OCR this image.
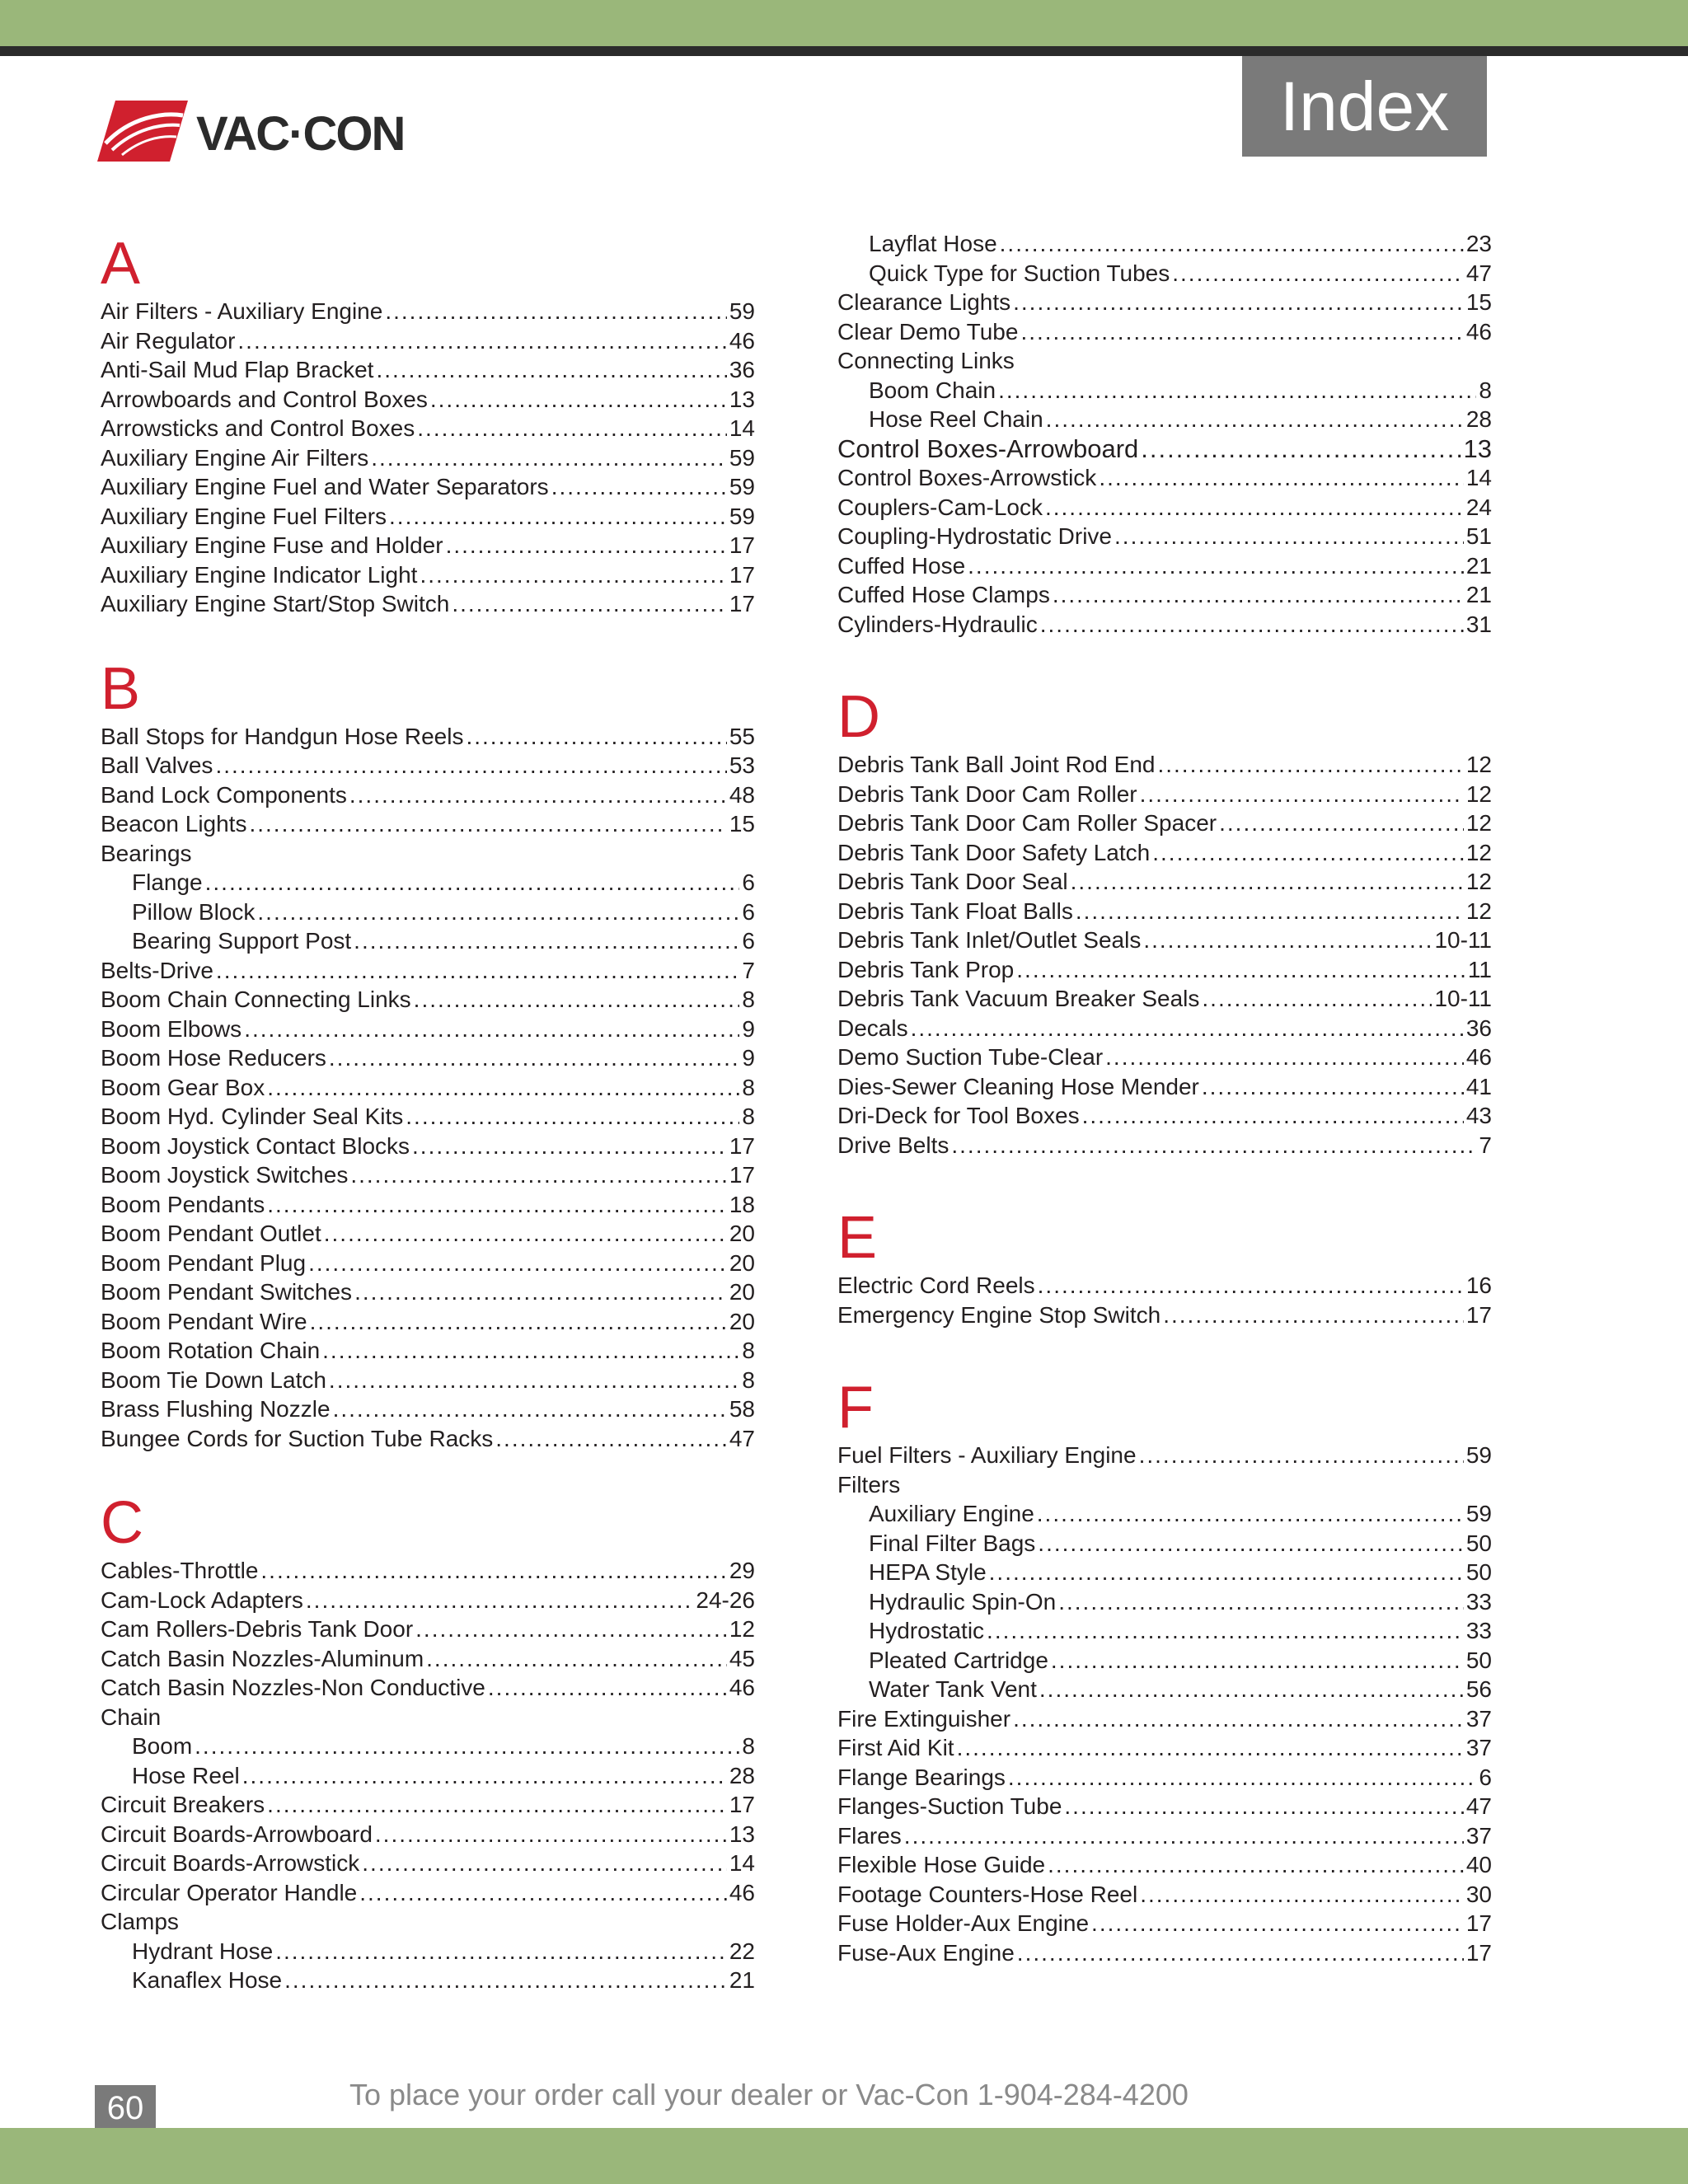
VAC·CON	Index
A
Air Filters - Auxiliary Engine .....	59
Air Regulator .....	46
Anti-Sail Mud Flap Bracket .....	36
Arrowboards and Control Boxes .....	13
Arrowsticks and Control Boxes .....	14
Auxiliary Engine Air Filters .....	59
Auxiliary Engine Fuel and Water Separators .....	59
Auxiliary Engine Fuel Filters .....	59
Auxiliary Engine Fuse and Holder .....	17
Auxiliary Engine Indicator Light .....	17
Auxiliary Engine Start/Stop Switch .....	17
B
Ball Stops for Handgun Hose Reels .....	55
Ball Valves .....	53
Band Lock Components .....	48
Beacon Lights .....	15
Bearings
Flange .....	6
Pillow Block .....	6
Bearing Support Post .....	6
Belts-Drive .....	7
Boom Chain Connecting Links .....	8
Boom Elbows .....	9
Boom Hose Reducers .....	9
Boom Gear Box .....	8
Boom Hyd. Cylinder Seal Kits .....	8
Boom Joystick Contact Blocks .....	17
Boom Joystick Switches .....	17
Boom Pendants .....	18
Boom Pendant Outlet .....	20
Boom Pendant Plug .....	20
Boom Pendant Switches .....	20
Boom Pendant Wire .....	20
Boom Rotation Chain .....	8
Boom Tie Down Latch .....	8
Brass Flushing Nozzle .....	58
Bungee Cords for Suction Tube Racks .....	47
C
Cables-Throttle .....	29
Cam-Lock Adapters .....	24-26
Cam Rollers-Debris Tank Door .....	12
Catch Basin Nozzles-Aluminum .....	45
Catch Basin Nozzles-Non Conductive .....	46
Chain
Boom .....	8
Hose Reel .....	28
Circuit Breakers .....	17
Circuit Boards-Arrowboard .....	13
Circuit Boards-Arrowstick .....	14
Circular Operator Handle .....	46
Clamps
Hydrant Hose .....	22
Kanaflex Hose .....	21
Layflat Hose .....	23
Quick Type for Suction Tubes .....	47
Clearance Lights .....	15
Clear Demo Tube .....	46
Connecting Links
Boom Chain .....	8
Hose Reel Chain .....	28
Control Boxes-Arrowboard .....	13
Control Boxes-Arrowstick .....	14
Couplers-Cam-Lock .....	24
Coupling-Hydrostatic Drive .....	51
Cuffed Hose .....	21
Cuffed Hose Clamps .....	21
Cylinders-Hydraulic .....	31
D
Debris Tank Ball Joint Rod End .....	12
Debris Tank Door Cam Roller .....	12
Debris Tank Door Cam Roller Spacer .....	12
Debris Tank Door Safety Latch .....	12
Debris Tank Door Seal .....	12
Debris Tank Float Balls .....	12
Debris Tank Inlet/Outlet Seals .....	10-11
Debris Tank Prop .....	11
Debris Tank Vacuum Breaker Seals .....	10-11
Decals .....	36
Demo Suction Tube-Clear .....	46
Dies-Sewer Cleaning Hose Mender .....	41
Dri-Deck for Tool Boxes .....	43
Drive Belts .....	7
E
Electric Cord Reels .....	16
Emergency Engine Stop Switch .....	17
F
Fuel Filters - Auxiliary Engine .....	59
Filters
Auxiliary Engine .....	59
Final Filter Bags .....	50
HEPA Style .....	50
Hydraulic Spin-On .....	33
Hydrostatic .....	33
Pleated Cartridge .....	50
Water Tank Vent .....	56
Fire Extinguisher .....	37
First Aid Kit .....	37
Flange Bearings .....	6
Flanges-Suction Tube .....	47
Flares .....	37
Flexible Hose Guide .....	40
Footage Counters-Hose Reel .....	30
Fuse Holder-Aux Engine .....	17
Fuse-Aux Engine .....	17
60	To place your order call your dealer or Vac-Con 1-904-284-4200
